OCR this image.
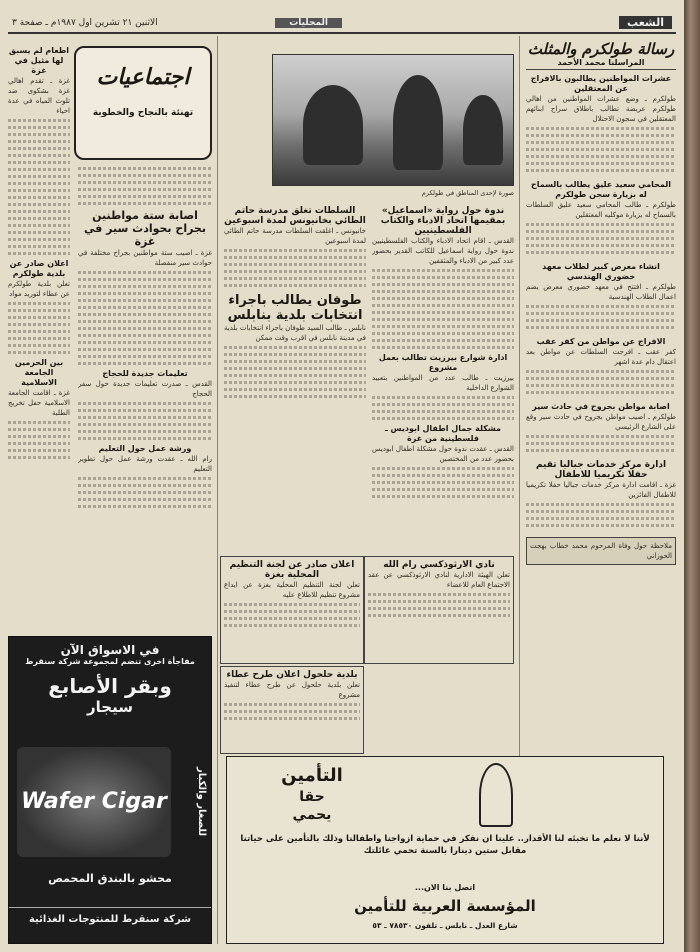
الاثنين ٢١ تشرين اول ١٩٨٧م ـ صفحة ٣	المحليات	الشعب
رسالة طولكرم والمثلث
المراسلنا محمد الأحمد
عشرات المواطنين يطالبون بالافراج عن المعتقلين
طولكرم ـ وضع عشرات المواطنين من اهالي طولكرم عريضة تطالب باطلاق سراح ابنائهم المعتقلين في سجون الاحتلال
المحامي سعيد عليق يطالب بالسماح له بزيارة سجن طولكرم
طولكرم ـ طالب المحامي سعيد عليق السلطات بالسماح له بزيارة موكليه المعتقلين
انشاء معرض كبير لطلاب معهد خضوري الهندسي
طولكرم ـ افتتح في معهد خضوري معرض يضم اعمال الطلاب الهندسية
الافراج عن مواطن من كفر عقب
كفر عقب ـ افرجت السلطات عن مواطن بعد اعتقال دام عدة اشهر
اصابة مواطن بجروح في حادث سير
طولكرم ـ اصيب مواطن بجروح في حادث سير وقع على الشارع الرئيسي
ادارة مركز خدمات جباليا تقيم حفلا تكريميا للاطفال
غزة ـ اقامت ادارة مركز خدمات جباليا حفلا تكريميا للاطفال الفائزين
ملاحظة حول وفاة المرحوم محمد خطاب بهجت الحوزاني
صورة لإحدى المناطق في طولكرم
ندوة حول رواية «اسماعيل» بمقيمها اتحاد الادباء والكتاب الفلسطينيين
القدس ـ اقام اتحاد الادباء والكتاب الفلسطينيين ندوة حول رواية اسماعيل للكاتب القدير بحضور عدد كبير من الادباء والمثقفين
ادارة شوارع بيرزيت تطالب بعمل مشروع
بيرزيت ـ طالب عدد من المواطنين بتعبيد الشوارع الداخلية
مشكلة جمال اطفال ابوديس ـ فلسطينية من غزة
القدس ـ عقدت ندوة حول مشكلة اطفال ابوديس بحضور عدد من المختصين
السلطات تغلق مدرسة حاتم الطائي بخانيونس لمدة اسبوعين
خانيونس ـ اغلقت السلطات مدرسة حاتم الطائي لمدة اسبوعين
طوفان يطالب باجراء انتخابات بلدية بنابلس
نابلس ـ طالب السيد طوفان باجراء انتخابات بلدية في مدينة نابلس في اقرب وقت ممكن
نادي الارثوذكسي رام الله
تعلن الهيئة الادارية لنادي الارثوذكسي عن عقد الاجتماع العام للاعضاء
اعلان صادر عن لجنة التنظيم المحلية بغزة
تعلن لجنة التنظيم المحلية بغزة عن ايداع مشروع تنظيم للاطلاع عليه
بلدية حلحول اعلان طرح عطاء
تعلن بلدية حلحول عن طرح عطاء لتنفيذ مشروع
التأمين
حقا
يحمي
لأننا لا نعلم ما تخبئه لنا الأقدار.. علينا ان نفكر في حماية ازواجنا واطفالنا وذلك بالتأمين على حياتنا مقابل ستين دينارا بالسنة تحمي عائلتك
اتصل بنا الان...
المؤسسة العربية للتأمين
شارع العدل ـ نابلس ـ تلفون ٧٨٥٣٠ ـ ٥٣
اجتماعيات
تهنئة بالنجاح والخطوبة
اصابة ستة مواطنين بجراح بحوادث سير في غزة
غزة ـ اصيب ستة مواطنين بجراح مختلفة في حوادث سير منفصلة
تعليمات جديدة للحجاج
القدس ـ صدرت تعليمات جديدة حول سفر الحجاج
ورشة عمل حول التعليم
رام الله ـ عقدت ورشة عمل حول تطوير التعليم
اطعام لم يسبق لها مثيل في غزة
غزة ـ تقدم اهالي غزة بشكوى ضد تلوث المياه في عدة احياء
اعلان صادر عن بلدية طولكرم
تعلن بلدية طولكرم عن عطاء لتوريد مواد
بين الحرمين الجامعة الاسلامية
غزة ـ اقامت الجامعة الاسلامية حفل تخريج الطلبة
في الاسواق الآن
مفاجأة اخرى تنضم لمجموعة شركة سنقرط
وبقر الأصابع
سيجار
Wafer Cigar	للصغار والكبار
محشو بالبندق المحمص
شركة سنقرط للمنتوجات الغذائية
